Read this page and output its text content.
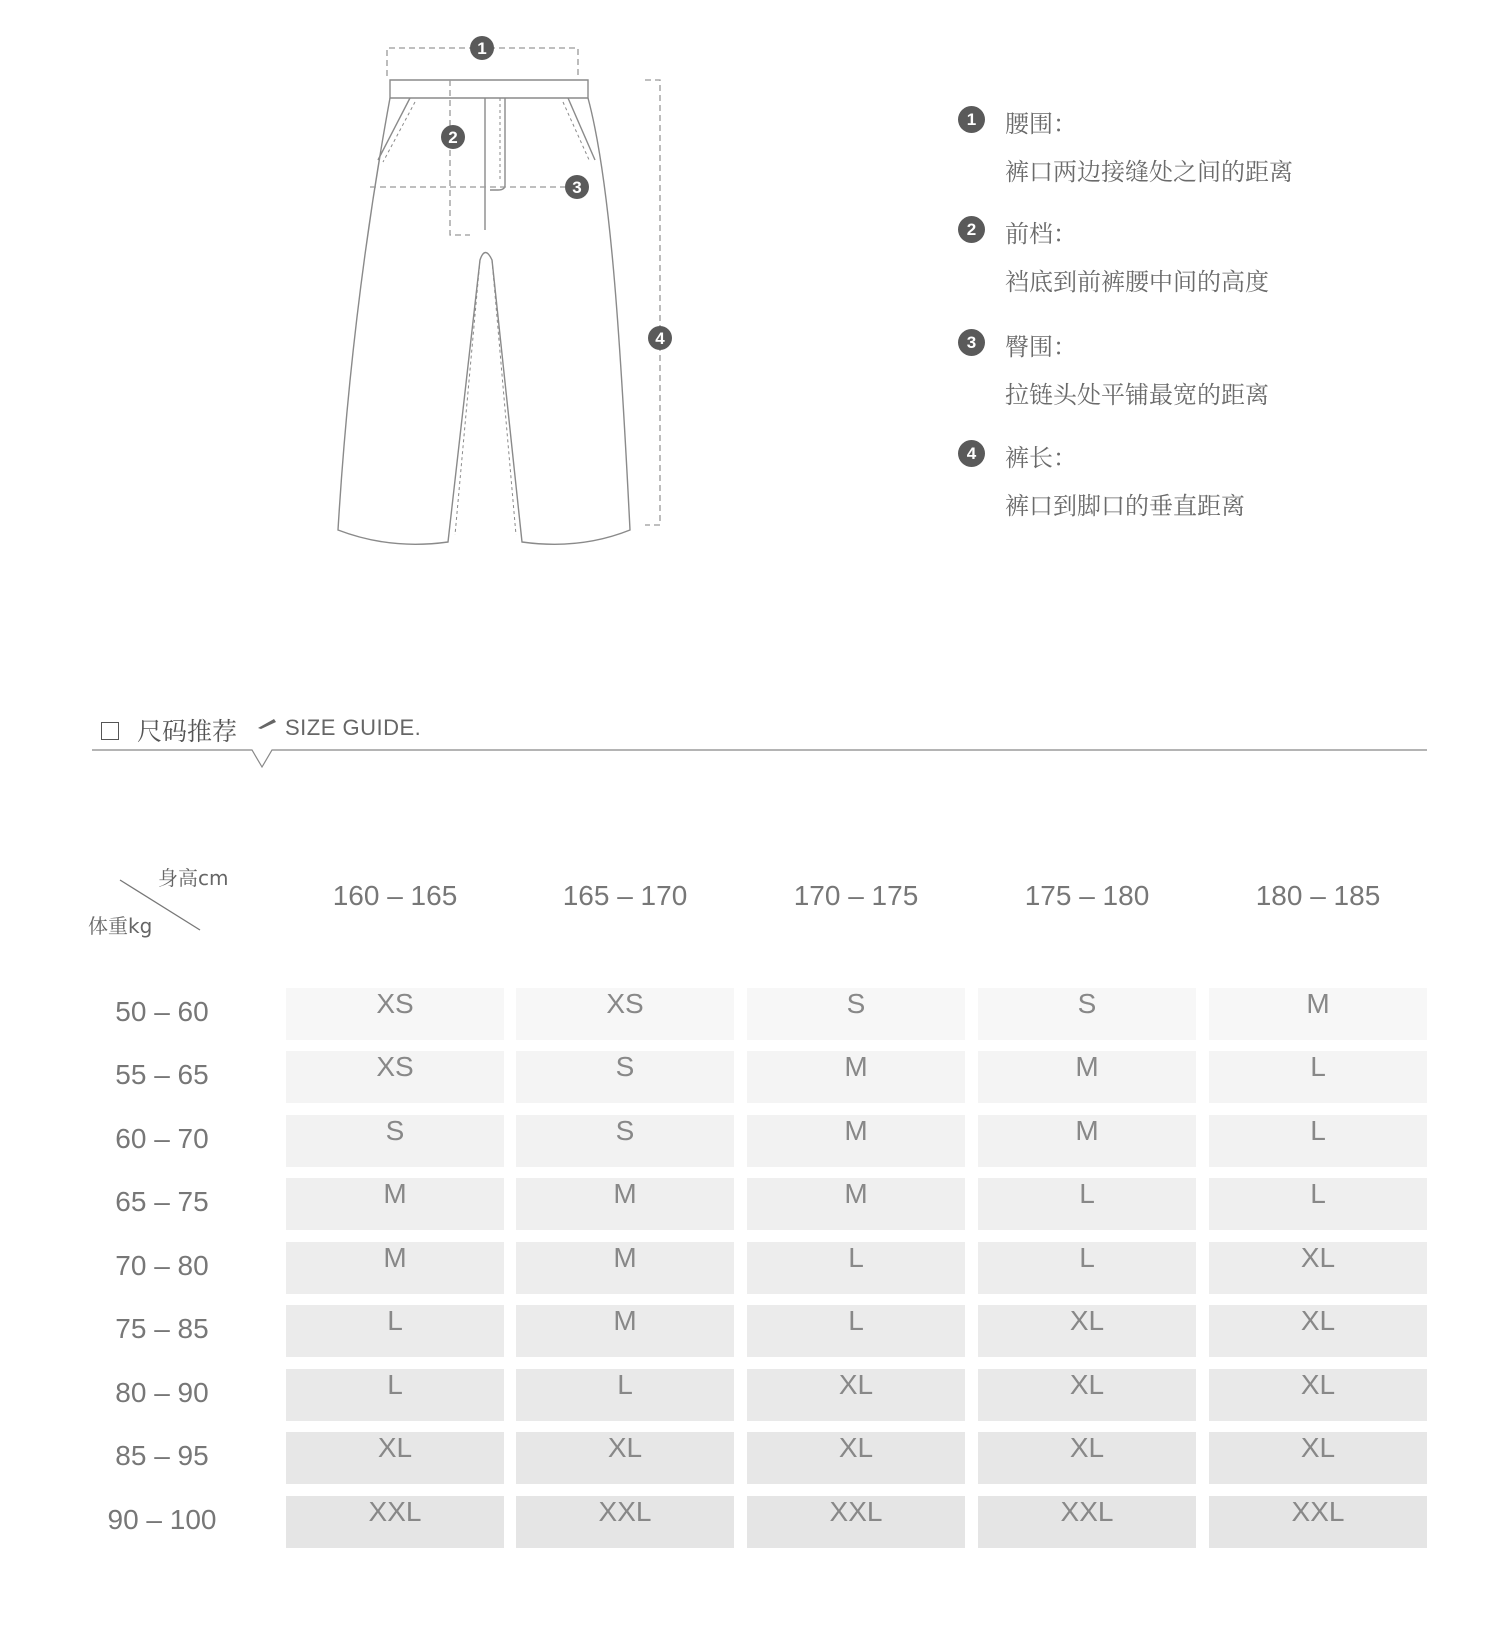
1
2
3
4
1	腰围：
裤口两边接缝处之间的距离
2	前档：
裆底到前裤腰中间的高度
3	臀围：
拉链头处平铺最宽的距离
4	裤长：
裤口到脚口的垂直距离
尺码推荐 SIZE GUIDE.
身高cm
体重kg
160 – 165	165 – 170	170 – 175	175 – 180	180 – 185
50 – 60	XS	XS	S	S	M
55 – 65	XS	S	M	M	L
60 – 70	S	S	M	M	L
65 – 75	M	M	M	L	L
70 – 80	M	M	L	L	XL
75 – 85	L	M	L	XL	XL
80 – 90	L	L	XL	XL	XL
85 – 95	XL	XL	XL	XL	XL
90 – 100	XXL	XXL	XXL	XXL	XXL
